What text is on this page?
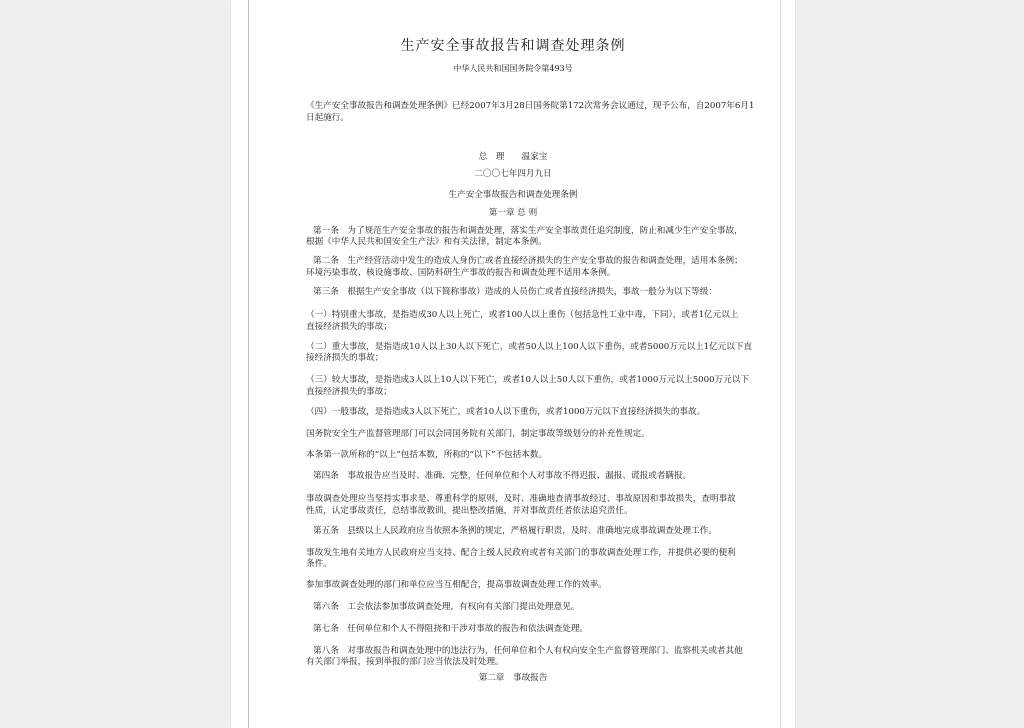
生产安全事故报告和调查处理条例
中华人民共和国国务院令第493号
《生产安全事故报告和调查处理条例》已经2007年3月28日国务院第172次常务会议通过，现予公布，自2007年6月1
日起施行。
总　理　　温家宝
二〇〇七年四月九日
生产安全事故报告和调查处理条例
第一章 总 则
第一条　为了规范生产安全事故的报告和调查处理，落实生产安全事故责任追究制度，防止和减少生产安全事故，
根据《中华人民共和国安全生产法》和有关法律，制定本条例。
第二条　生产经营活动中发生的造成人身伤亡或者直接经济损失的生产安全事故的报告和调查处理，适用本条例；
环境污染事故、核设施事故、国防科研生产事故的报告和调查处理不适用本条例。
第三条　根据生产安全事故（以下简称事故）造成的人员伤亡或者直接经济损失，事故一般分为以下等级：
（一）特别重大事故，是指造成30人以上死亡，或者100人以上重伤（包括急性工业中毒，下同），或者1亿元以上
直接经济损失的事故；
（二）重大事故，是指造成10人以上30人以下死亡，或者50人以上100人以下重伤，或者5000万元以上1亿元以下直
接经济损失的事故；
（三）较大事故，是指造成3人以上10人以下死亡，或者10人以上50人以下重伤，或者1000万元以上5000万元以下
直接经济损失的事故；
（四）一般事故，是指造成3人以下死亡，或者10人以下重伤，或者1000万元以下直接经济损失的事故。
国务院安全生产监督管理部门可以会同国务院有关部门，制定事故等级划分的补充性规定。
本条第一款所称的“以上”包括本数，所称的“以下”不包括本数。
第四条　事故报告应当及时、准确、完整，任何单位和个人对事故不得迟报、漏报、谎报或者瞒报。
事故调查处理应当坚持实事求是、尊重科学的原则，及时、准确地查清事故经过、事故原因和事故损失，查明事故
性质，认定事故责任，总结事故教训，提出整改措施，并对事故责任者依法追究责任。
第五条　县级以上人民政府应当依照本条例的规定，严格履行职责，及时、准确地完成事故调查处理工作。
事故发生地有关地方人民政府应当支持、配合上级人民政府或者有关部门的事故调查处理工作，并提供必要的便利
条件。
参加事故调查处理的部门和单位应当互相配合，提高事故调查处理工作的效率。
第六条　工会依法参加事故调查处理，有权向有关部门提出处理意见。
第七条　任何单位和个人不得阻挠和干涉对事故的报告和依法调查处理。
第八条　对事故报告和调查处理中的违法行为，任何单位和个人有权向安全生产监督管理部门、监察机关或者其他
有关部门举报，接到举报的部门应当依法及时处理。
第二章　事故报告
